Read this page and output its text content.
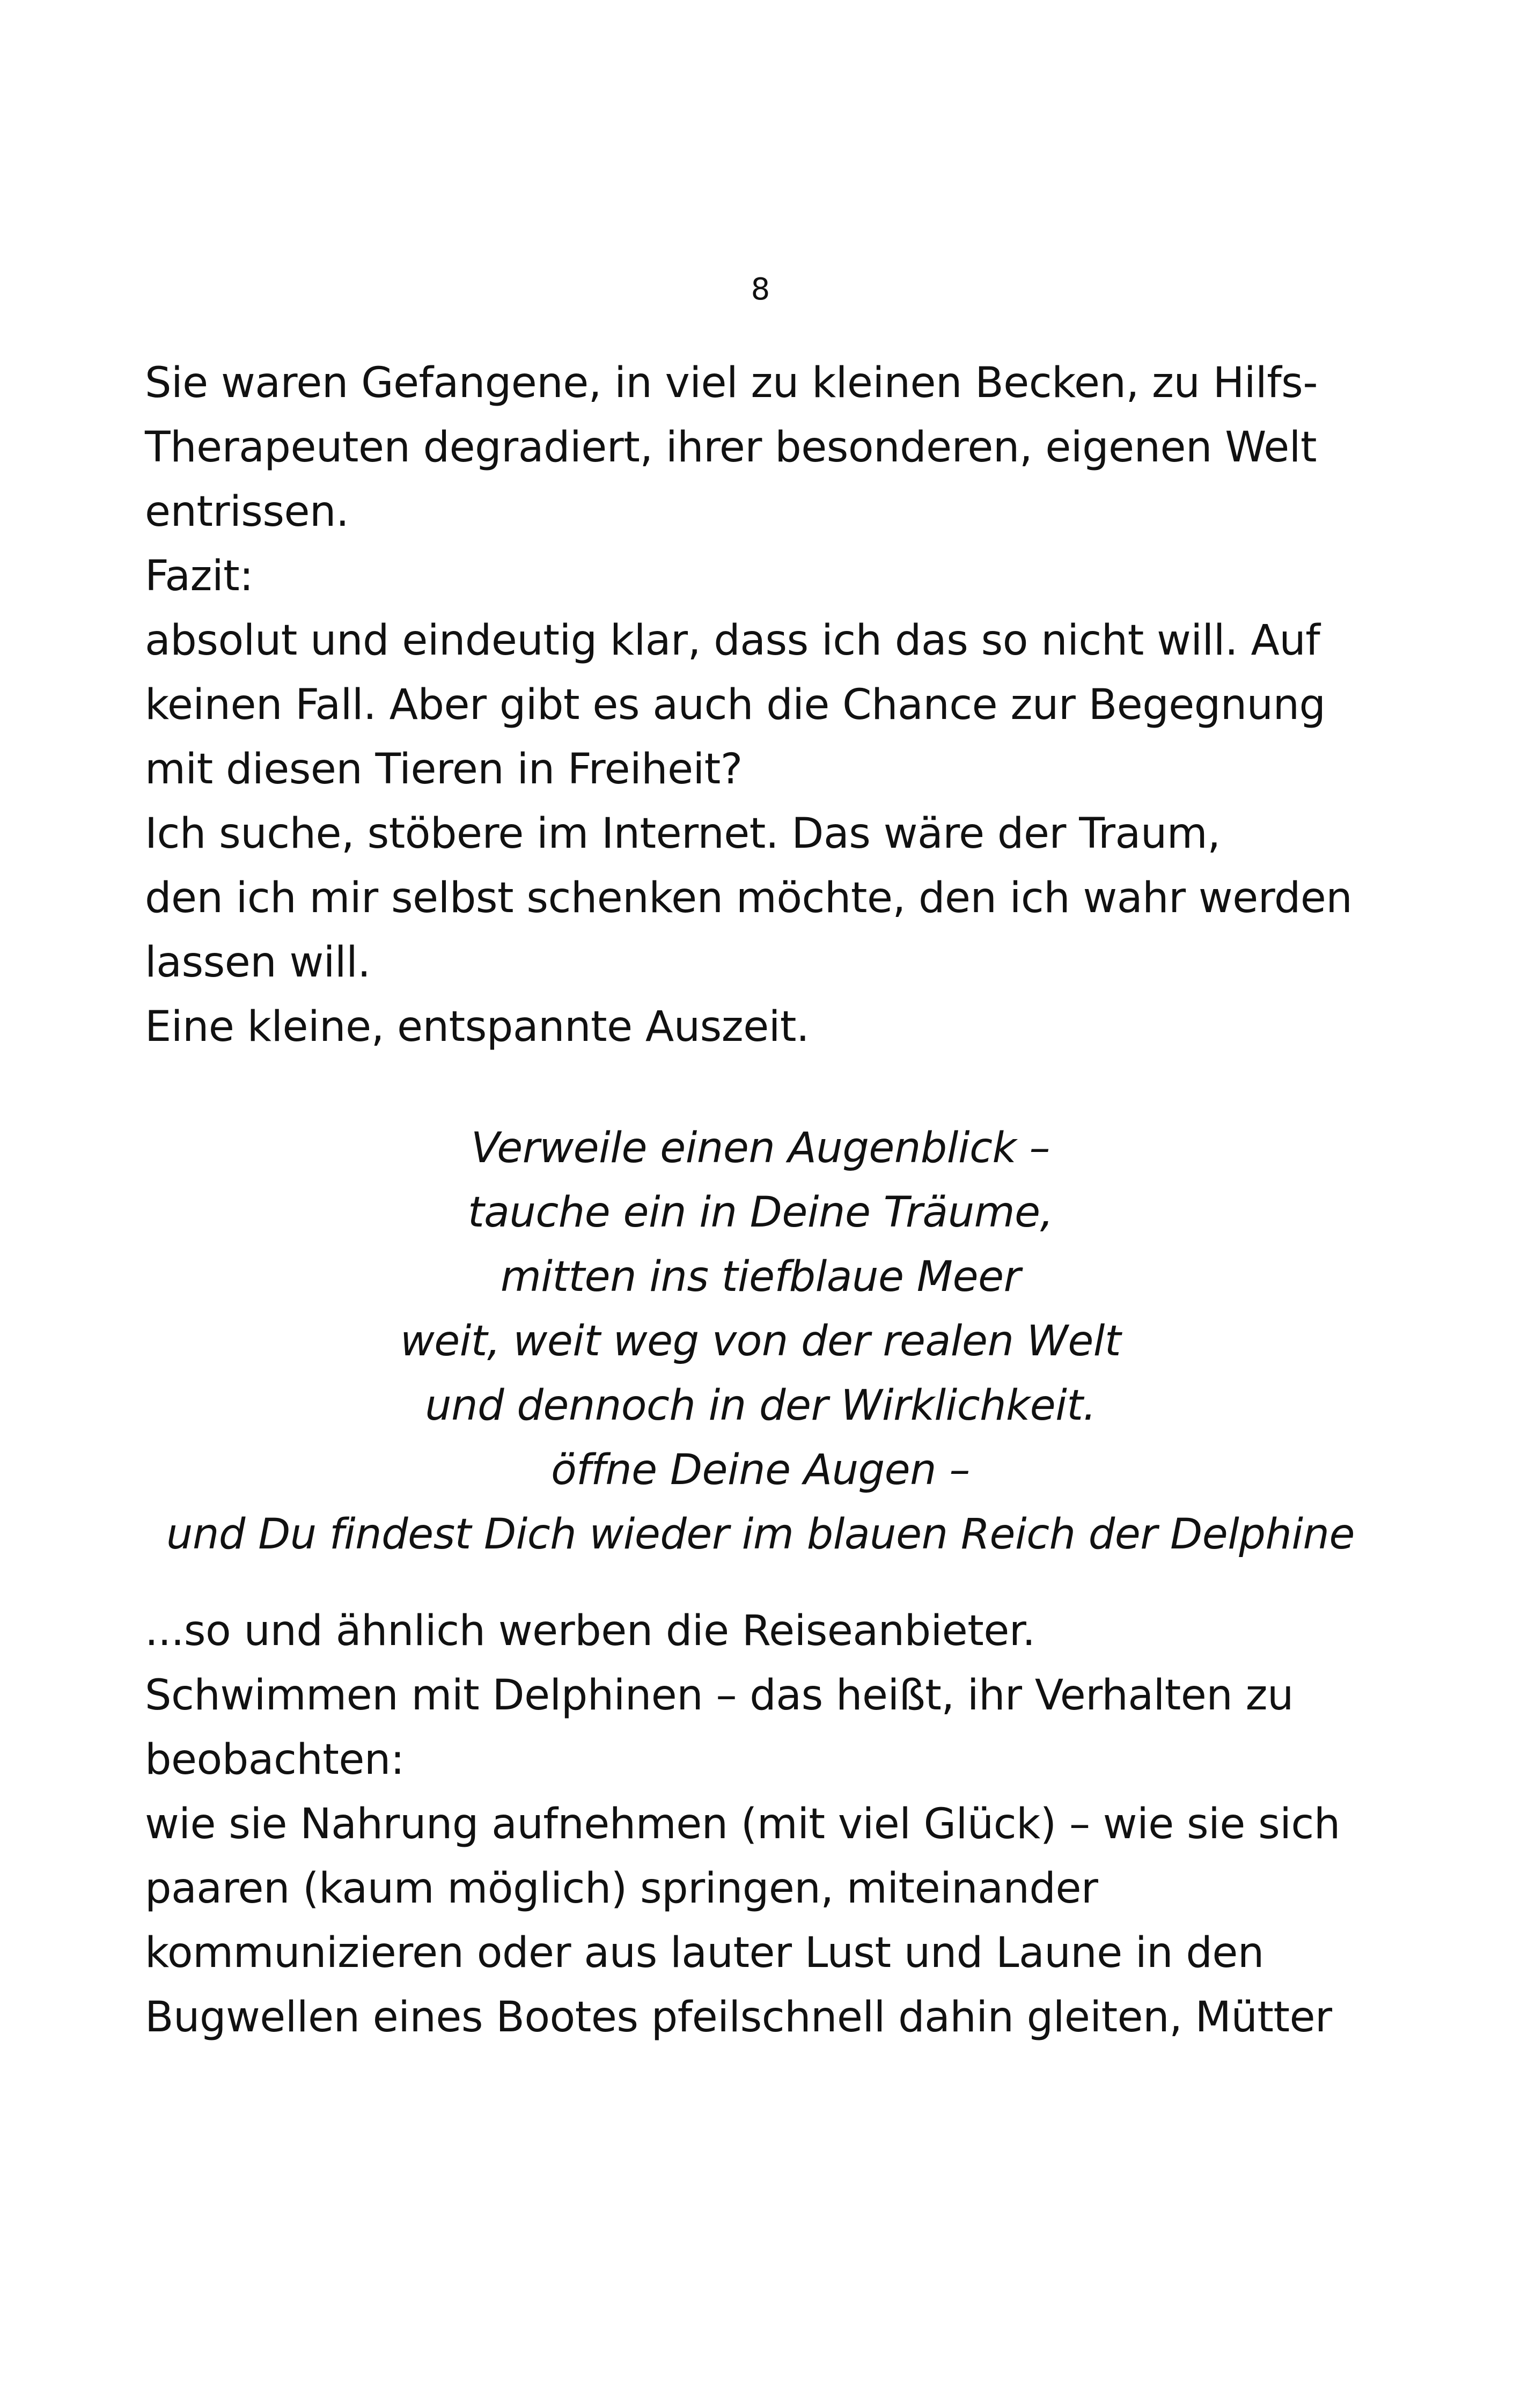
8
Sie waren Gefangene, in viel zu kleinen Becken, zu Hilfs-
Therapeuten degradiert, ihrer besonderen, eigenen Welt
entrissen.
Fazit:
absolut und eindeutig klar, dass ich das so nicht will. Auf
keinen Fall. Aber gibt es auch die Chance zur Begegnung
mit diesen Tieren in Freiheit?
Ich suche, stöbere im Internet. Das wäre der Traum,
den ich mir selbst schenken möchte, den ich wahr werden
lassen will.
Eine kleine, entspannte Auszeit.
Verweile einen Augenblick –
tauche ein in Deine Träume,
mitten ins tiefblaue Meer
weit, weit weg von der realen Welt
und dennoch in der Wirklichkeit.
öffne Deine Augen –
und Du findest Dich wieder im blauen Reich der Delphine
...so und ähnlich werben die Reiseanbieter.
Schwimmen mit Delphinen – das heißt, ihr Verhalten zu
beobachten:
wie sie Nahrung aufnehmen (mit viel Glück) – wie sie sich
paaren (kaum möglich) springen, miteinander
kommunizieren oder aus lauter Lust und Laune in den
Bugwellen eines Bootes pfeilschnell dahin gleiten, Mütter
